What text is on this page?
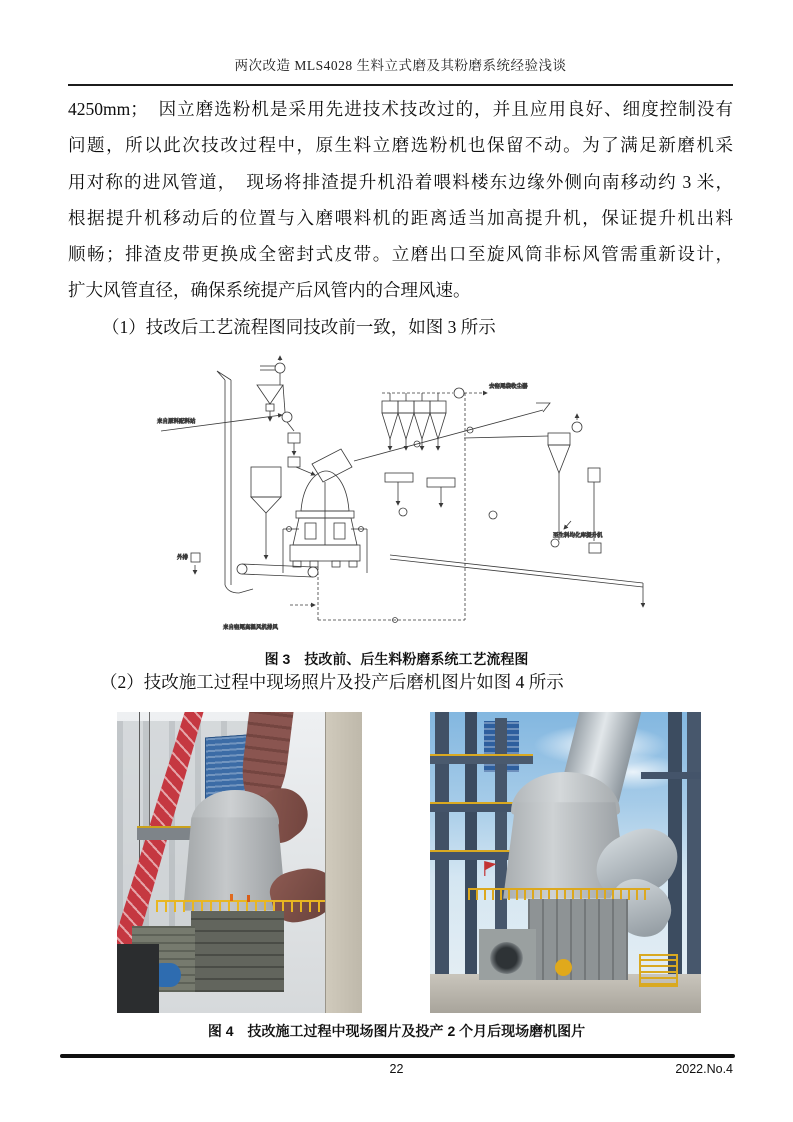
两次改造 MLS4028 生料立式磨及其粉磨系统经验浅谈
4250mm；　因立磨选粉机是采用先进技术技改过的，并且应用良好、细度控制没有
问题，所以此次技改过程中，原生料立磨选粉机也保留不动。为了满足新磨机采
用对称的进风管道，　现场将排渣提升机沿着喂料楼东边缘外侧向南移动约 3 米，
根据提升机移动后的位置与入磨喂料机的距离适当加高提升机，保证提升机出料
顺畅；排渣皮带更换成全密封式皮带。立磨出口至旋风筒非标风管需重新设计，
扩大风管直径，确保系统提产后风管内的合理风速。
（1）技改后工艺流程图同技改前一致，如图 3 所示
来自原料配料站
外排
来自窑尾高温风机排风
去窑尾袋收尘器
至生料均化库提升机
图 3　技改前、后生料粉磨系统工艺流程图
（2）技改施工过程中现场照片及投产后磨机图片如图 4 所示
图 4　技改施工过程中现场图片及投产 2 个月后现场磨机图片
22	2022.No.4
